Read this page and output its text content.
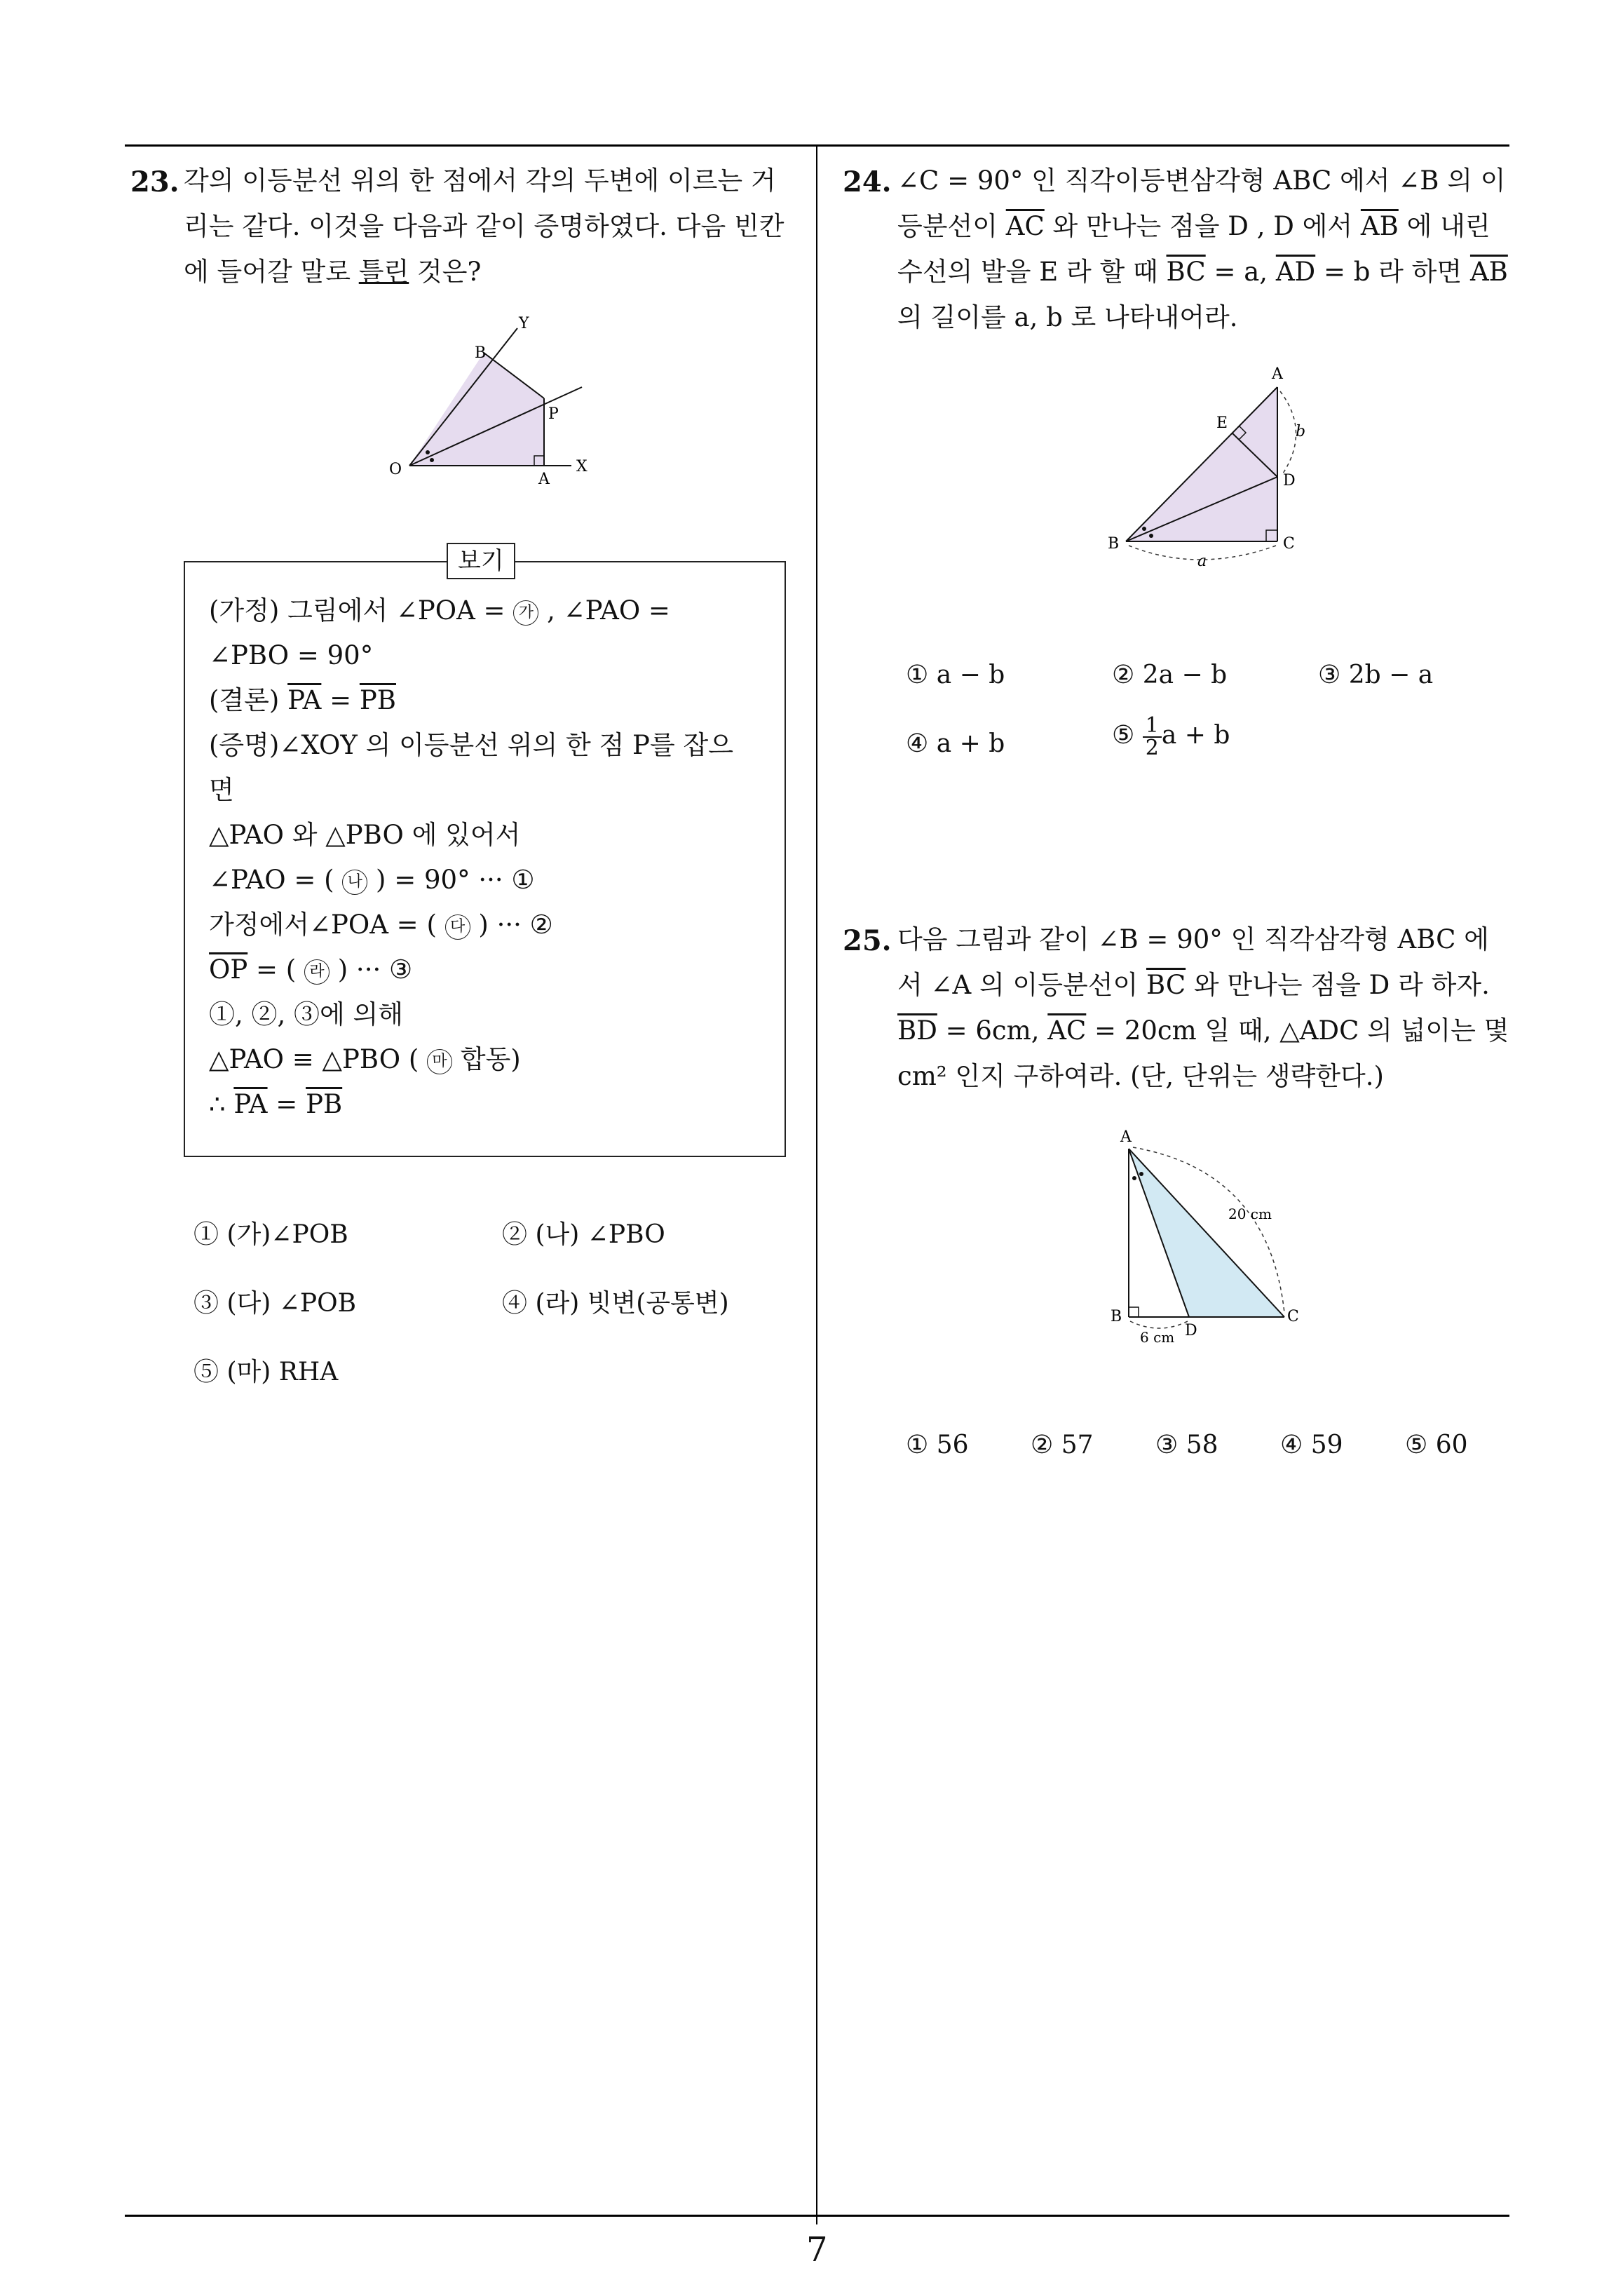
7
23. 각의 이등분선 위의 한 점에서 각의 두변에 이르는 거
리는 같다. 이것을 다음과 같이 증명하였다. 다음 빈칸
에 들어갈 말로 틀린 것은?
Y
B
P
O
A
X
보기
(가정) 그림에서 ∠POA = 가 , ∠PAO =
∠PBO = 90°
(결론) $\overline{PA} = \overline{PB}$
(증명)∠XOY 의 이등분선 위의 한 점 P를 잡으
면
△PAO 와 △PBO 에 있어서
∠PAO = ( 나 ) = 90° ··· ①
가정에서∠POA = ( 다 ) ··· ②
$\overline{OP}$ = ( 라 ) ··· ③
①, ②, ③에 의해
△PAO ≡ △PBO ( 마 합동)
∴ $\overline{PA} = \overline{PB}$
① (가)∠POB	② (나) ∠PBO
③ (다) ∠POB	④ (라) 빗변(공통변)
⑤ (마) RHA
24. ∠C = 90° 인 직각이등변삼각형 ABC 에서 ∠B 의 이
등분선이 $\overline{AC}$ 와 만나는 점을 D , D 에서 $\overline{AB}$ 에 내린
수선의 발을 E 라 할 때 $\overline{BC} = a$, $\overline{AD} = b$ 라 하면 $\overline{AB}$
의 길이를 a, b 로 나타내어라.
A
E	b
D
B	C
a
① a − b	② 2a − b	③ 2b − a
④ a + b	⑤ $\frac{1}{2}$ a + b
25. 다음 그림과 같이 ∠B = 90° 인 직각삼각형 ABC 에
서 ∠A 의 이등분선이 $\overline{BC}$ 와 만나는 점을 D 라 하자.
$\overline{BD} = 6cm$, $\overline{AC} = 20cm$ 일 때, △ADC 의 넓이는 몇
cm² 인지 구하여라. (단, 단위는 생략한다.)
A
20 cm
B	C
6 cm D
① 56 ② 57 ③ 58 ④ 59 ⑤ 60
